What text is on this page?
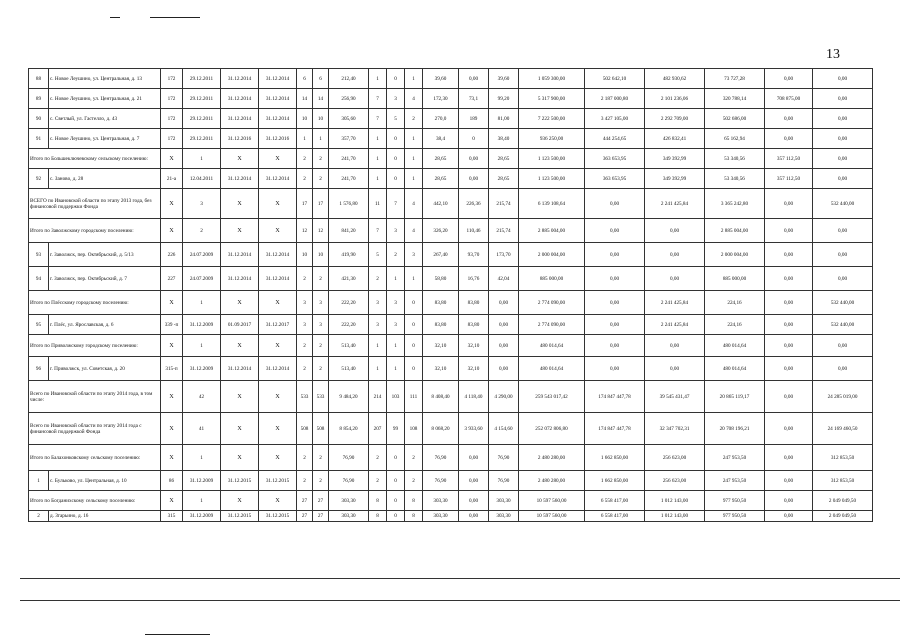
13
88	с. Новое Леушино, ул. Центральная, д. 13	172	29.12.2011	31.12.2014	31.12.2014	6	6	212,40	1	0	1	39,60	0,00	39,60	1 059 300,00	502 642,10	482 930,62	73 727,28	0,00	0,00
89	с. Новое Леушино, ул. Центральная, д. 21	172	29.12.2011	31.12.2014	31.12.2014	14	14	256,90	7	3	4	172,30	73,1	99,20	5 317 900,00	2 187 000,80	2 101 236,06	320 788,14	708 875,00	0,00
90	с. Светлый, ул. Гастелло, д. 43	172	29.12.2011	31.12.2014	31.12.2014	10	10	305,60	7	5	2	270,0	189	81,00	7 222 500,00	3 427 105,00	2 292 709,00	502 686,00	0,00	0,00
91	с. Новое Леушино, ул. Центральная, д. 7	172	29.12.2011	31.12.2016	31.12.2016	1	1	357,70	1	0	1	38,4	0	38,40	936 250,00	444 254,65	426 832,41	65 162,94	0,00	0,00
Итого по Большеключевскому сельскому поселению:		X	1	X	X	2	2	241,70	1	0	1	28,65	0,00	28,65	1 123 500,00	363 653,95	349 392,99	53 340,56	357 112,50	0,00
92	с. Заново, д. 28	21-а	12.04.2011	31.12.2014	31.12.2014	2	2	241,70	1	0	1	28,65	0,00	28,65	1 123 500,00	363 653,95	349 392,99	53 340,56	357 112,50	0,00
ВСЕГО по Ивановской области по этапу 2013 года, без финансовой поддержки Фонда		X	3	X	X	17	17	1 576,80	11	7	4	442,10	226,36	215,74	6 139 108,64	0,00	2 241 425,84	3 365 242,80	0,00	532 440,00
Итого по Заволжскому городскому поселению:		X	2	X	X	12	12	841,20	7	3	4	326,20	110,46	215,74	2 885 004,00	0,00	0,00	2 885 004,00	0,00	0,00
93	г. Заволжск, пер. Октябрьский, д. 5/13	226	24.07.2009	31.12.2014	31.12.2014	10	10	419,90	5	2	3	267,40	93,70	173,70	2 000 004,00	0,00	0,00	2 000 004,00	0,00	0,00
94	г. Заволжск, пер. Октябрьский, д. 7	227	24.07.2009	31.12.2014	31.12.2014	2	2	421,30	2	1	1	58,80	16,76	42,04	885 000,00	0,00	0,00	885 000,00	0,00	0,00
Итого по Плёсскому городскому поселению:		X	1	X	X	3	3	222,20	3	3	0	83,80	83,80	0,00	2 774 090,00	0,00	2 241 425,84	224,16	0,00	532 440,00
95	г. Плёс, ул. Ярославская, д. 6	339 -п	31.12.2009	01.09.2017	31.12.2017	3	3	222,20	3	3	0	83,80	83,80	0,00	2 774 090,00	0,00	2 241 425,84	224,16	0,00	532 440,00
Итого по Приволжскому городскому поселению:		X	1	X	X	2	2	513,40	1	1	0	32,10	32,10	0,00	480 014,64	0,00	0,00	480 014,64	0,00	0,00
96	г. Приволжск, ул. Советская, д. 20	315-п	31.12.2009	31.12.2014	31.12.2014	2	2	513,40	1	1	0	32,10	32,10	0,00	480 014,64	0,00	0,00	480 014,64	0,00	0,00
Всего по Ивановской области по этапу 2014 года, в том числе:		X	42	X	X	533	533	9 484,20	214	103	111	8 408,40	4 118,40	4 290,00	259 543 017,42	174 847 447,78	39 545 431,47	20 865 119,17	0,00	24 285 019,00
Всего по Ивановской области по этапу 2014 года с финансовой поддержкой Фонда		X	41	X	X	508	508	8 854,20	207	99	108	8 068,20	3 933,60	4 154,60	252 072 806,80	174 847 447,78	32 347 702,31	20 708 196,21	0,00	24 169 460,50
Итого по Балахонковскому сельскому поселению:		X	1	X	X	2	2	76,90	2	0	2	76,90	0,00	76,90	2 480 280,00	1 662 850,00	256 623,00	247 953,50	0,00	312 853,50
1	с. Бульково, ул. Центральная, д. 10	86	31.12.2009	31.12.2015	31.12.2015	2	2	76,90	2	0	2	76,90	0,00	76,90	2 480 280,00	1 662 850,00	256 623,00	247 953,50	0,00	312 853,50
Итого по Богданихскому сельскому поселению:		X	1	X	X	27	27	303,30	8	0	8	303,30	0,00	303,30	10 597 560,00	6 558 417,00	1 012 143,00	977 950,50	0,00	2 049 049,50
2	д. Згарьино, д. 16	315	31.12.2009	31.12.2015	31.12.2015	27	27	303,30	8	0	8	303,30	0,00	303,30	10 597 560,00	6 558 417,00	1 012 143,00	977 950,50	0,00	2 049 049,50
